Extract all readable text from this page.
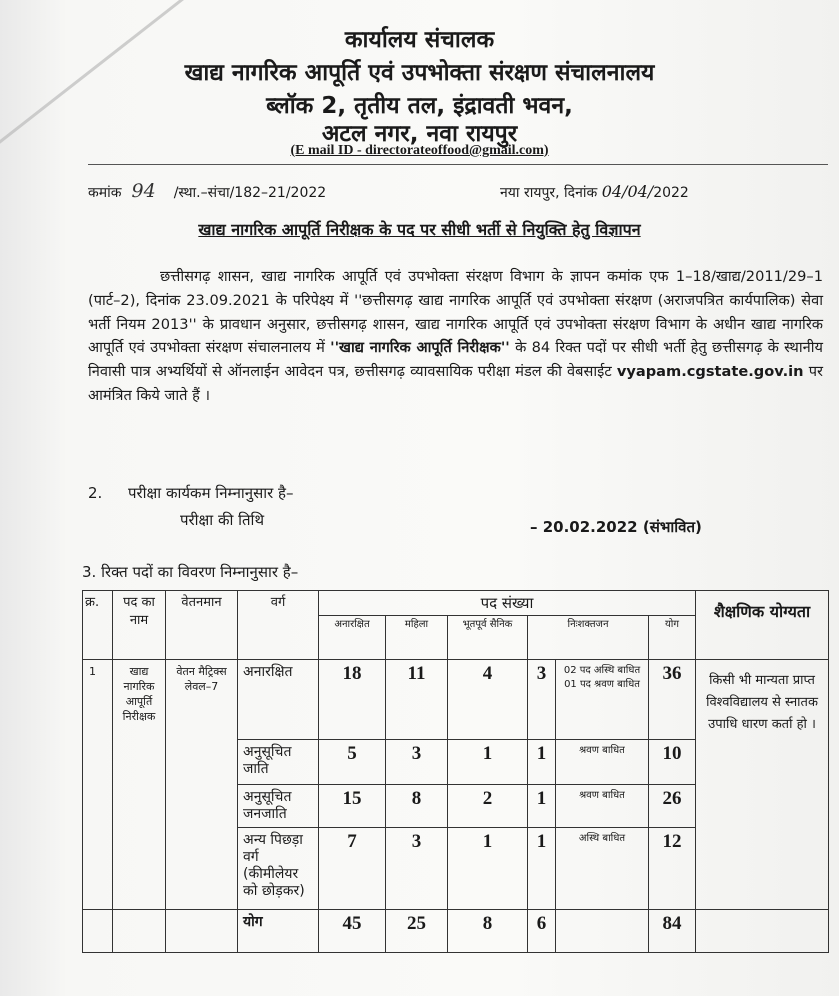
कार्यालय संचालक
खाद्य नागरिक आपूर्ति एवं उपभोक्ता संरक्षण संचालनालय
ब्लॉक 2, तृतीय तल, इंद्रावती भवन,
अटल नगर, नवा रायपुर
(E mail ID - directorateoffood@gmail.com)
कमांक 94 /स्था.–संचा/182–21/2022	नया रायपुर, दिनांक 04/04/2022
खाद्य नागरिक आपूर्ति निरीक्षक के पद पर सीधी भर्ती से नियुक्ति हेतु विज्ञापन
छत्तीसगढ़ शासन, खाद्य नागरिक आपूर्ति एवं उपभोक्ता संरक्षण विभाग के ज्ञापन कमांक एफ 1–18/खाद्य/2011/29–1 (पार्ट–2), दिनांक 23.09.2021 के परिपेक्ष्य में ''छत्तीसगढ़ खाद्य नागरिक आपूर्ति एवं उपभोक्ता संरक्षण (अराजपत्रित कार्यपालिक) सेवा भर्ती नियम 2013'' के प्रावधान अनुसार, छत्तीसगढ़ शासन, खाद्य नागरिक आपूर्ति एवं उपभोक्ता संरक्षण विभाग के अधीन खाद्य नागरिक आपूर्ति एवं उपभोक्ता संरक्षण संचालनालय में ''खाद्य नागरिक आपूर्ति निरीक्षक'' के 84 रिक्त पदों पर सीधी भर्ती हेतु छत्तीसगढ़ के स्थानीय निवासी पात्र अभ्यर्थियों से ऑनलाईन आवेदन पत्र, छत्तीसगढ़ व्यावसायिक परीक्षा मंडल की वेबसाईट vyapam.cgstate.gov.in पर आमंत्रित किये जाते हैं ।
2. परीक्षा कार्यकम निम्नानुसार है–
परीक्षा की तिथि	– 20.02.2022 (संभावित)
3. रिक्त पदों का विवरण निम्नानुसार है–
क्र.	पद का नाम	वेतनमान	वर्ग	पद संख्या						शैक्षणिक योग्यता
				अनारक्षित	महिला	भूतपूर्व सैनिक	निःशक्तजन		योग	
1	खाद्य नागरिक आपूर्ति निरीक्षक	वेतन मैट्रिक्स लेवल–7	अनारक्षित	18	11	4	3	02 पद अस्थि बाधित 01 पद श्रवण बाधित	36	किसी भी मान्यता प्राप्त विश्वविद्यालय से स्नातक उपाधि धारण कर्ता हो ।
			अनुसूचित जाति	5	3	1	1	श्रवण बाधित	10	
			अनुसूचित जनजाति	15	8	2	1	श्रवण बाधित	26	
			अन्य पिछड़ा वर्ग (कीमीलेयर को छोड़कर)	7	3	1	1	अस्थि बाधित	12	
			योग	45	25	8	6		84	
